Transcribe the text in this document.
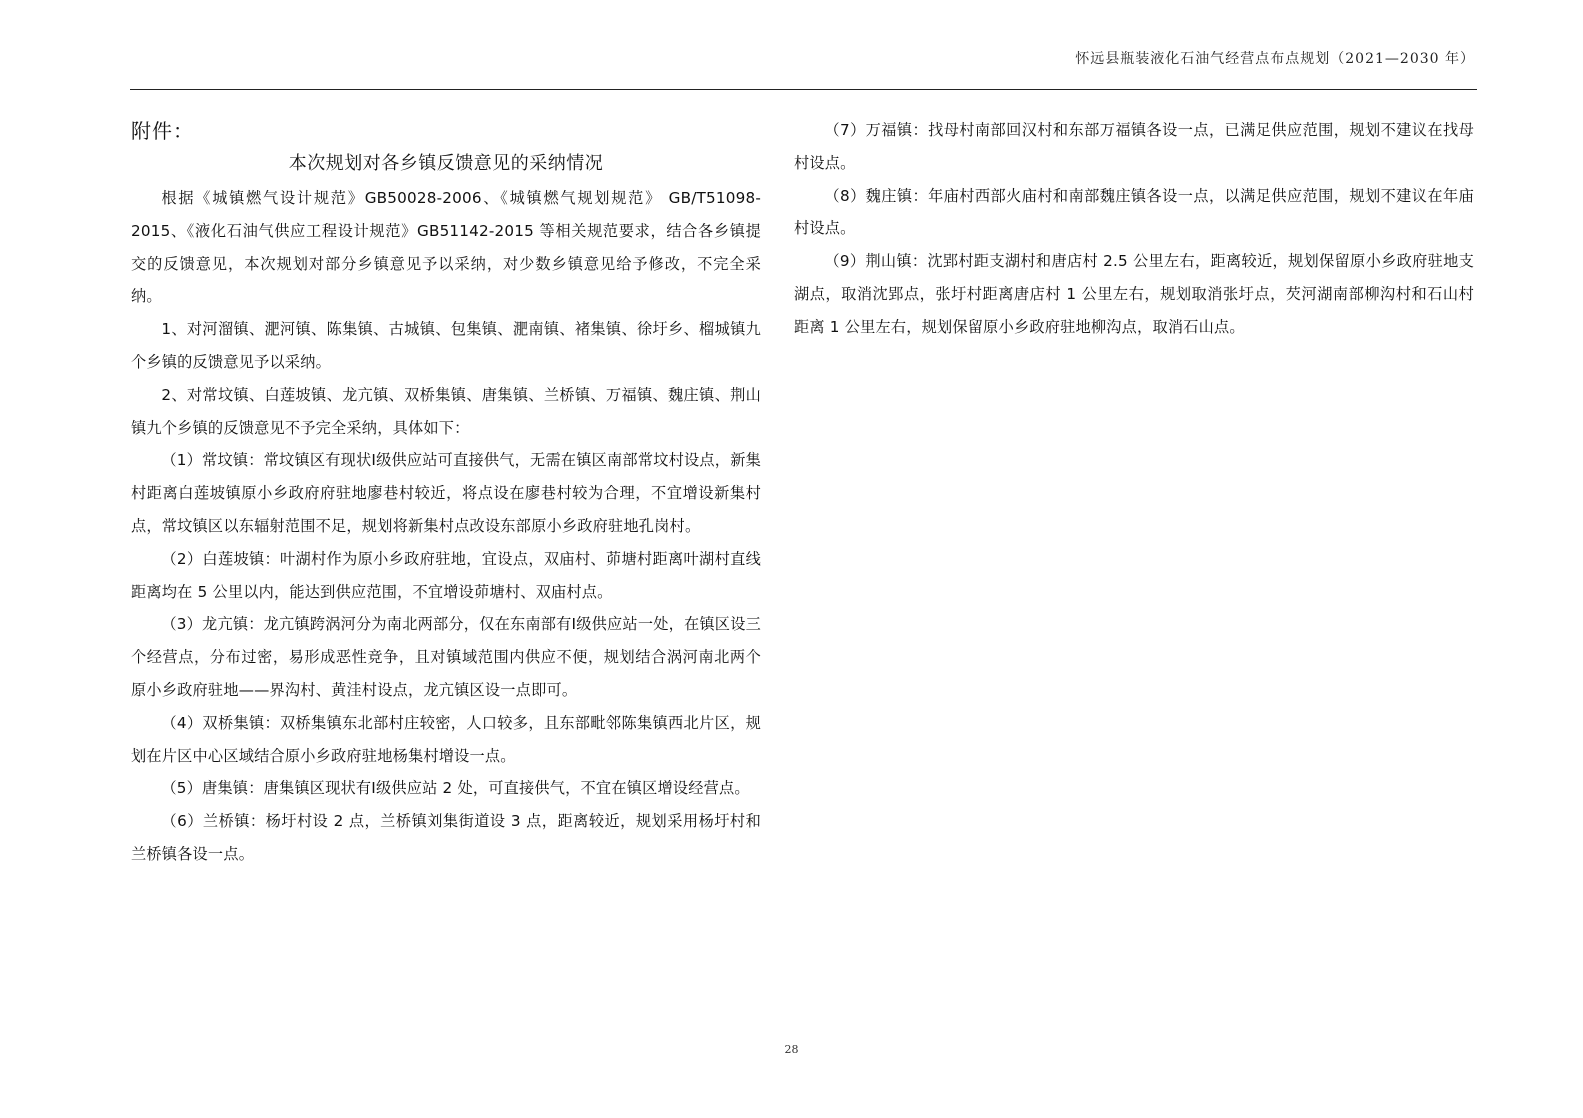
怀远县瓶装液化石油气经营点布点规划（2021—2030 年）

附件：

本次规划对各乡镇反馈意见的采纳情况

根据《城镇燃气设计规范》GB50028-2006、《城镇燃气规划规范》 GB/T51098-2015、《液化石油气供应工程设计规范》GB51142-2015 等相关规范要求，结合各乡镇提交的反馈意见，本次规划对部分乡镇意见予以采纳，对少数乡镇意见给予修改，不完全采纳。

1、对河溜镇、淝河镇、陈集镇、古城镇、包集镇、淝南镇、褚集镇、徐圩乡、榴城镇九个乡镇的反馈意见予以采纳。

2、对常坟镇、白莲坡镇、龙亢镇、双桥集镇、唐集镇、兰桥镇、万福镇、魏庄镇、荆山镇九个乡镇的反馈意见不予完全采纳，具体如下：

（1）常坟镇：常坟镇区有现状Ⅰ级供应站可直接供气，无需在镇区南部常坟村设点，新集村距离白莲坡镇原小乡政府府驻地廖巷村较近，将点设在廖巷村较为合理，不宜增设新集村点，常坟镇区以东辐射范围不足，规划将新集村点改设东部原小乡政府驻地孔岗村。

（2）白莲坡镇：叶湖村作为原小乡政府驻地，宜设点，双庙村、茆塘村距离叶湖村直线距离均在 5 公里以内，能达到供应范围，不宜增设茆塘村、双庙村点。

（3）龙亢镇：龙亢镇跨涡河分为南北两部分，仅在东南部有Ⅰ级供应站一处，在镇区设三个经营点，分布过密，易形成恶性竞争，且对镇域范围内供应不便，规划结合涡河南北两个原小乡政府驻地——界沟村、黄洼村设点，龙亢镇区设一点即可。

（4）双桥集镇：双桥集镇东北部村庄较密，人口较多，且东部毗邻陈集镇西北片区，规划在片区中心区域结合原小乡政府驻地杨集村增设一点。

（5）唐集镇：唐集镇区现状有Ⅰ级供应站 2 处，可直接供气，不宜在镇区增设经营点。

（6）兰桥镇：杨圩村设 2 点，兰桥镇刘集街道设 3 点，距离较近，规划采用杨圩村和兰桥镇各设一点。

（7）万福镇：找母村南部回汉村和东部万福镇各设一点，已满足供应范围，规划不建议在找母村设点。

（8）魏庄镇：年庙村西部火庙村和南部魏庄镇各设一点，以满足供应范围，规划不建议在年庙村设点。

（9）荆山镇：沈郢村距支湖村和唐店村 2.5 公里左右，距离较近，规划保留原小乡政府驻地支湖点，取消沈郢点，张圩村距离唐店村 1 公里左右，规划取消张圩点，芡河湖南部柳沟村和石山村距离 1 公里左右，规划保留原小乡政府驻地柳沟点，取消石山点。

28
